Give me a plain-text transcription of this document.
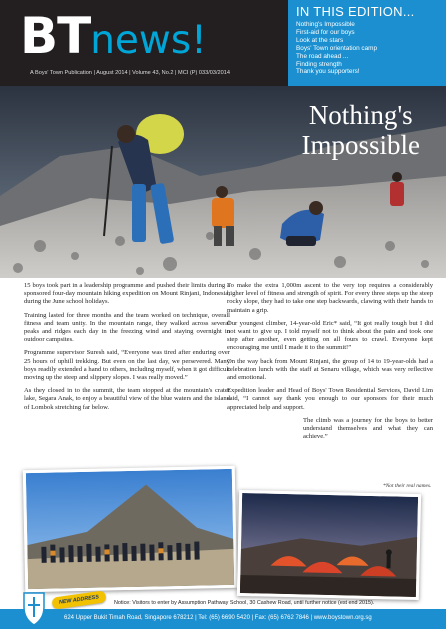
BTnews!
A Boys' Town Publication | August 2014 | Volume 43, No.2 | MCI (P) 033/03/2014
IN THIS EDITION...
Nothing's Impossible
First-aid for our boys
Look at the stars
Boys' Town orientation camp
The road ahead ...
Finding strength
Thank you supporters!
Nothing's
Impossible

15 boys took part in a leadership programme and pushed their limits during a sponsored four-day mountain hiking expedition on Mount Rinjani, Indonesia, during the June school holidays.

Training lasted for three months and the team worked on technique, overall fitness and team unity. In the mountain range, they walked across several peaks and ridges each day in the freezing wind and staying overnight in outdoor campsites.

Programme supervisor Suresh said, “Everyone was tired after enduring over 25 hours of uphill trekking. But even on the last day, we persevered. Many boys readily extended a hand to others, including myself, when it got difficult moving up the steep and slippery slopes. I was really moved.”

As they closed in to the summit, the team stopped at the mountain's crater lake, Segara Anak, to enjoy a beautiful view of the blue waters and the island of Lombok stretching far below.

To make the extra 1,000m ascent to the very top requires a considerably higher level of fitness and strength of spirit. For every three steps up the steep rocky slope, they had to take one step backwards, clawing with their hands to maintain a grip.

Our youngest climber, 14-year-old Eric* said, “It got really tough but I did not want to give up. I told myself not to think about the pain and took one step after another, even getting on all fours to crawl. Everyone kept encouraging me until I made it to the summit!”

On the way back from Mount Rinjani, the group of 14 to 19-year-olds had a celebration lunch with the staff at Senaru village, which was very reflective and emotional.

Expedition leader and Head of Boys' Town Residential Services, David Lim said, “I cannot say thank you enough to our sponsors for their much appreciated help and support.

The climb was a journey for the boys to better understand themselves and what they can achieve.”

*Not their real names.
NEW ADDRESS	Notice: Visitors to enter by Assumption Pathway School, 30 Cashew Road, until further notice (est end 2015).
624 Upper Bukit Timah Road, Singapore 678212 | Tel: (65) 6690 5420 | Fax: (65) 6762 7846 | www.boystown.org.sg
